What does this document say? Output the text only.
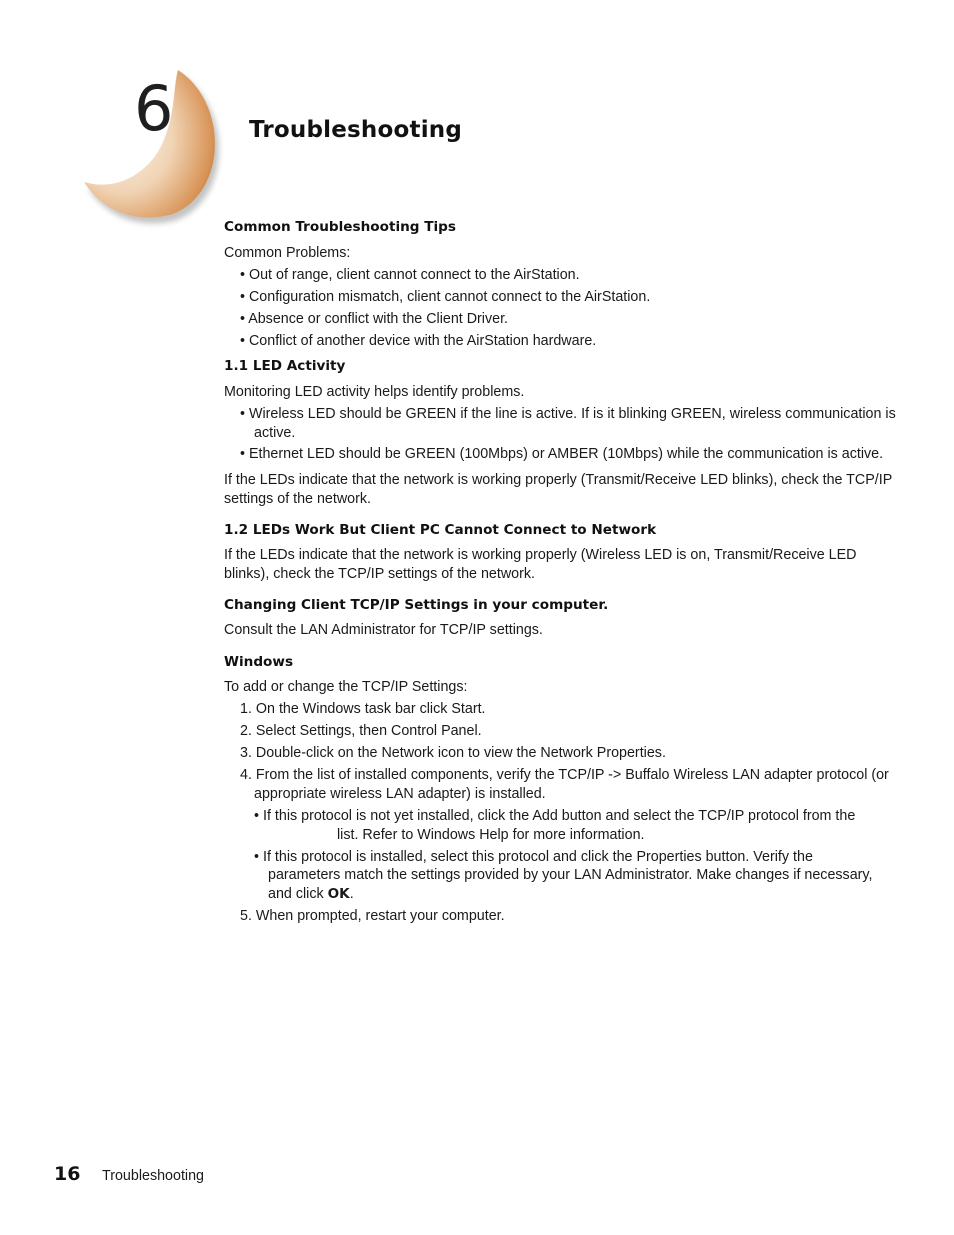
6	Troubleshooting
Common Troubleshooting Tips
Common Problems:
• Out of range, client cannot connect to the AirStation.
• Configuration mismatch, client cannot connect to the AirStation.
• Absence or conflict with the Client Driver.
• Conflict of another device with the AirStation hardware.
1.1 LED Activity
Monitoring LED activity helps identify problems.
• Wireless LED should be GREEN if the line is active. If is it blinking GREEN, wireless communication is
active.
• Ethernet LED should be GREEN (100Mbps) or AMBER (10Mbps) while the communication is active.
If the LEDs indicate that the network is working properly (Transmit/Receive LED blinks), check the TCP/IP
settings of the network.
1.2 LEDs Work But Client PC Cannot Connect to Network
If the LEDs indicate that the network is working properly (Wireless LED is on, Transmit/Receive LED
blinks), check the TCP/IP settings of the network.
Changing Client TCP/IP Settings in your computer.
Consult the LAN Administrator for TCP/IP settings.
Windows
To add or change the TCP/IP Settings:
1. On the Windows task bar click Start.
2. Select Settings, then Control Panel.
3. Double-click on the Network icon to view the Network Properties.
4. From the list of installed components, verify the TCP/IP -> Buffalo Wireless LAN adapter protocol (or
appropriate wireless LAN adapter) is installed.
• If this protocol is not yet installed, click the Add button and select the TCP/IP protocol from the
list. Refer to Windows Help for more information.
• If this protocol is installed, select this protocol and click the Properties button. Verify the
parameters match the settings provided by your LAN Administrator. Make changes if necessary,
and click OK.
5. When prompted, restart your computer.
16 Troubleshooting
